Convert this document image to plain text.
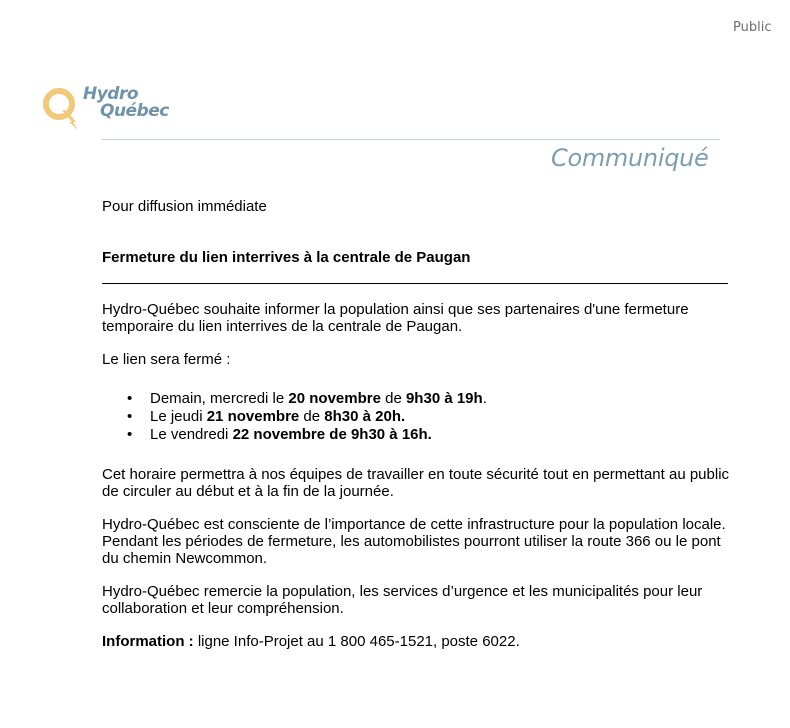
Public
Hydro
Québec
Communiqué

Pour diffusion immédiate

Fermeture du lien interrives à la centrale de Paugan

Hydro-Québec souhaite informer la population ainsi que ses partenaires d'une fermeture temporaire du lien interrives de la centrale de Paugan.

Le lien sera fermé :

• Demain, mercredi le 20 novembre de 9h30 à 19h.
• Le jeudi 21 novembre de 8h30 à 20h.
• Le vendredi 22 novembre de 9h30 à 16h.

Cet horaire permettra à nos équipes de travailler en toute sécurité tout en permettant au public de circuler au début et à la fin de la journée.

Hydro-Québec est consciente de l’importance de cette infrastructure pour la population locale. Pendant les périodes de fermeture, les automobilistes pourront utiliser la route 366 ou le pont du chemin Newcommon.

Hydro-Québec remercie la population, les services d’urgence et les municipalités pour leur collaboration et leur compréhension.

Information : ligne Info-Projet au 1 800 465-1521, poste 6022.
